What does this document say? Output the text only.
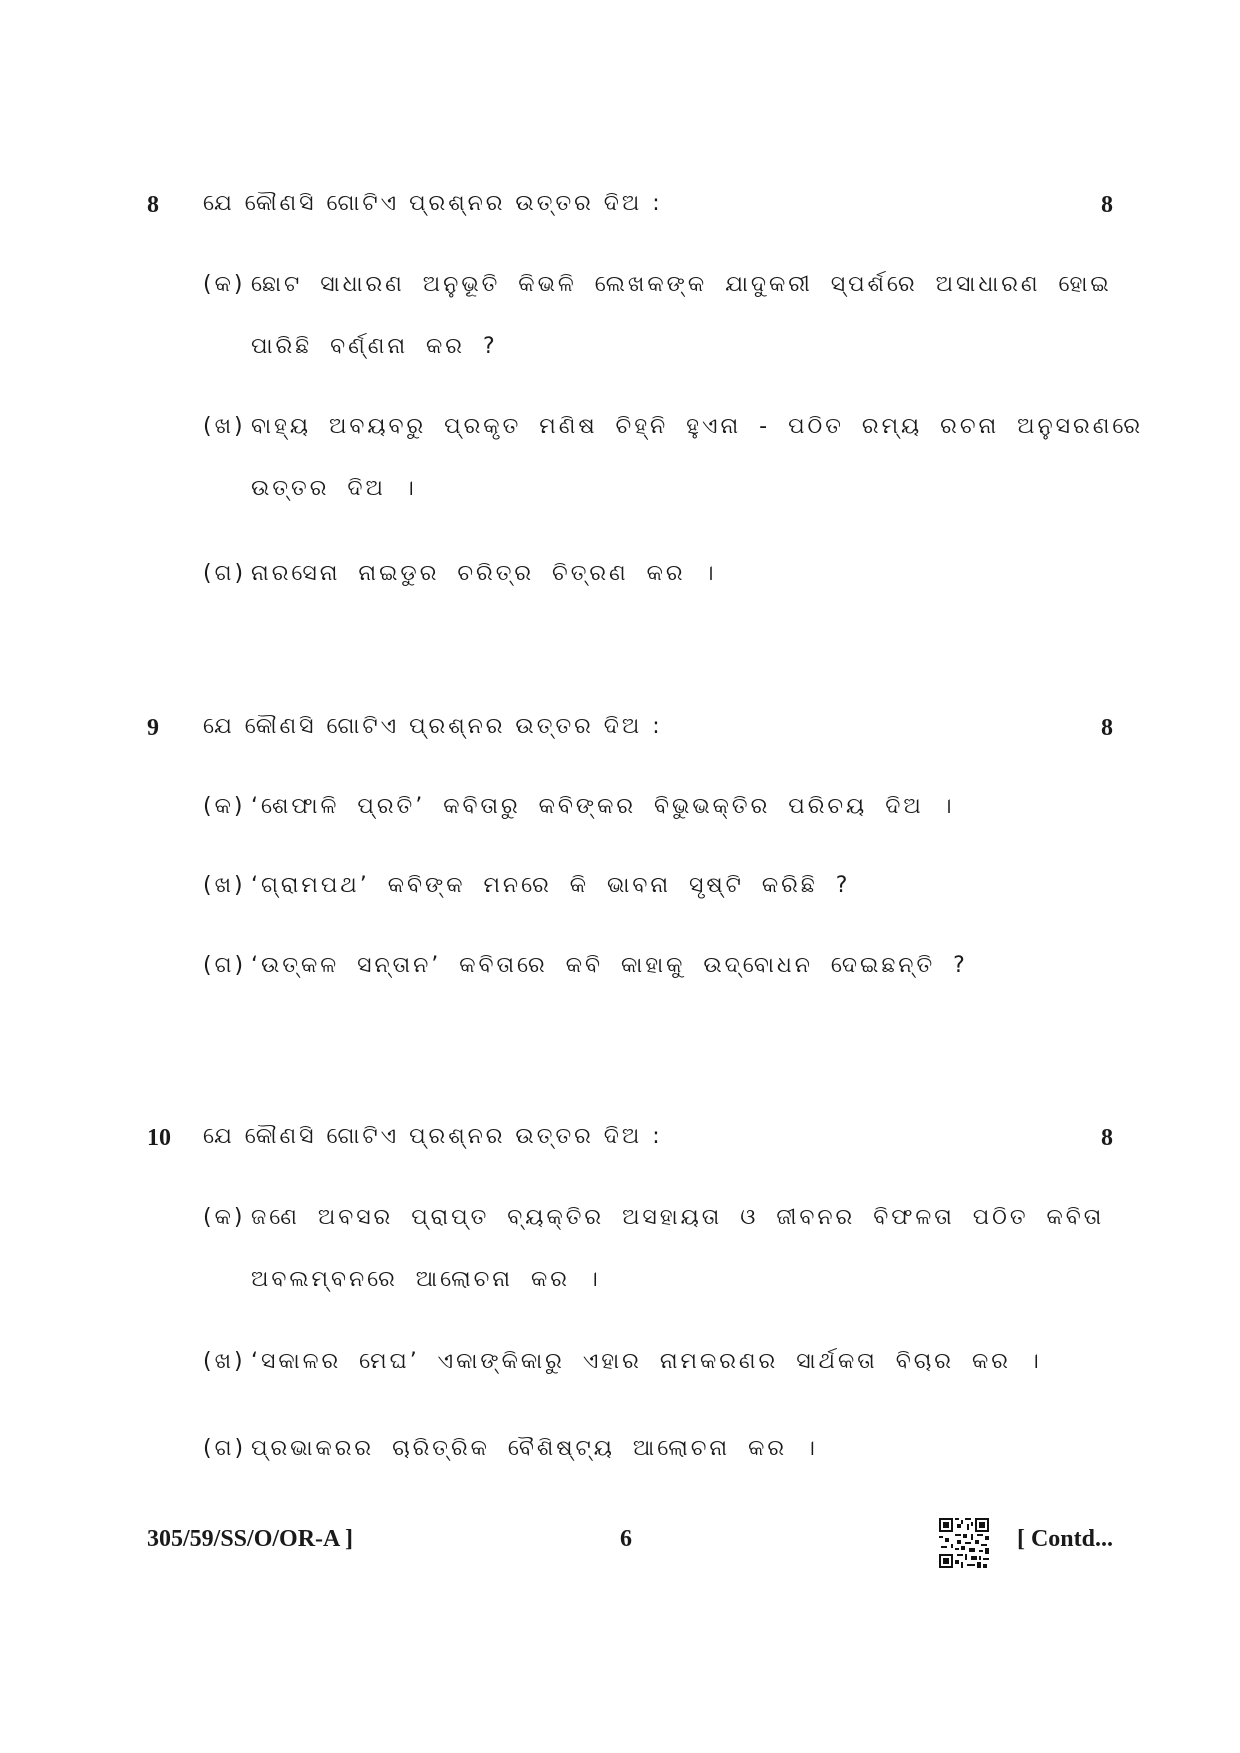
8 ଯେ କୌଣସି ଗୋଟିଏ ପ୍ରଶ୍ନର ଉତ୍ତର ଦିଅ :	8
(କ) ଛୋଟ ସାଧାରଣ ଅନୁଭୂତି କିଭଳି ଲେଖକଙ୍କ ଯାଦୁକରୀ ସ୍ପର୍ଶରେ ଅସାଧାରଣ ହୋଇ
ପାରିଛି ବର୍ଣ୍ଣନା କର ?
(ଖ) ବାହ୍ୟ ଅବୟବରୁ ପ୍ରକୃତ ମଣିଷ ଚିହ୍ନି ହୁଏନା - ପଠିତ ରମ୍ୟ ରଚନା ଅନୁସରଣରେ
ଉତ୍ତର ଦିଅ ।
(ଗ) ନାରସେନା ନାଇଡୁର ଚରିତ୍ର ଚିତ୍ରଣ କର ।
9 ଯେ କୌଣସି ଗୋଟିଏ ପ୍ରଶ୍ନର ଉତ୍ତର ଦିଅ :	8
(କ) ‘ଶେଫାଳି ପ୍ରତି’ କବିତାରୁ କବିଙ୍କର ବିଭୁଭକ୍ତିର ପରିଚୟ ଦିଅ ।
(ଖ) ‘ଗ୍ରାମପଥ’ କବିଙ୍କ ମନରେ କି ଭାବନା ସୃଷ୍ଟି କରିଛି ?
(ଗ) ‘ଉତ୍କଳ ସନ୍ତାନ’ କବିତାରେ କବି କାହାକୁ ଉଦ୍‌ବୋଧନ ଦେଇଛନ୍ତି ?
10 ଯେ କୌଣସି ଗୋଟିଏ ପ୍ରଶ୍ନର ଉତ୍ତର ଦିଅ :	8
(କ) ଜଣେ ଅବସର ପ୍ରାପ୍ତ ବ୍ୟକ୍ତିର ଅସହାୟତା ଓ ଜୀବନର ବିଫଳତା ପଠିତ କବିତା
ଅବଲମ୍ବନରେ ଆଲୋଚନା କର ।
(ଖ) ‘ସକାଳର ମେଘ’ ଏକାଙ୍କିକାରୁ ଏହାର ନାମକରଣର ସାର୍ଥକତା ବିଚାର କର ।
(ଗ) ପ୍ରଭାକରର ଚାରିତ୍ରିକ ବୈଶିଷ୍ଟ୍ୟ ଆଲୋଚନା କର ।
305/59/SS/O/OR-A ]	6	[ Contd...
